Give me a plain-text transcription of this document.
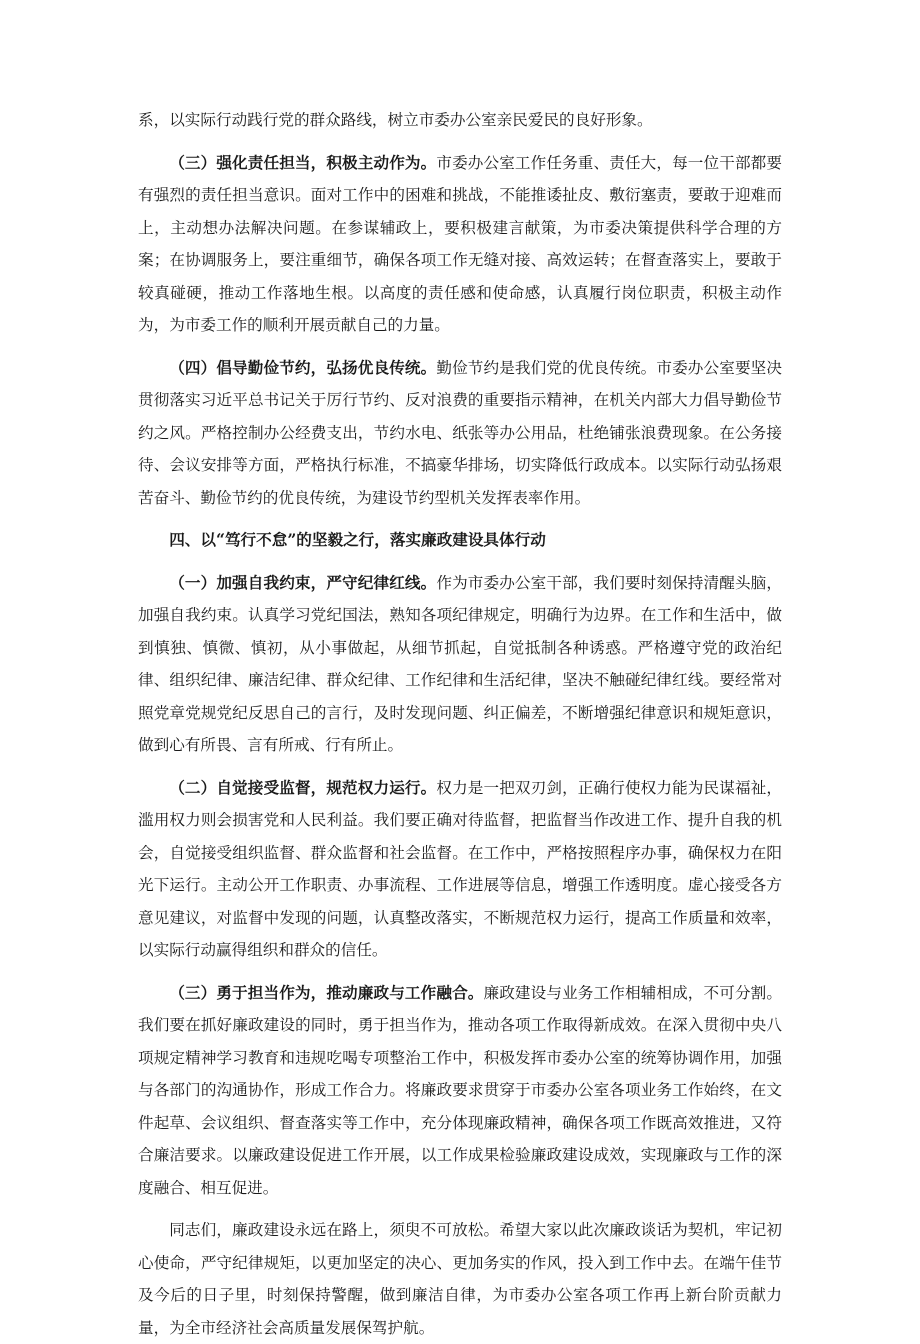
系，以实际行动践行党的群众路线，树立市委办公室亲民爱民的良好形象。

（三）强化责任担当，积极主动作为。市委办公室工作任务重、责任大，每一位干部都要有强烈的责任担当意识。面对工作中的困难和挑战，不能推诿扯皮、敷衍塞责，要敢于迎难而上，主动想办法解决问题。在参谋辅政上，要积极建言献策，为市委决策提供科学合理的方案；在协调服务上，要注重细节，确保各项工作无缝对接、高效运转；在督查落实上，要敢于较真碰硬，推动工作落地生根。以高度的责任感和使命感，认真履行岗位职责，积极主动作为，为市委工作的顺利开展贡献自己的力量。

（四）倡导勤俭节约，弘扬优良传统。勤俭节约是我们党的优良传统。市委办公室要坚决贯彻落实习近平总书记关于厉行节约、反对浪费的重要指示精神，在机关内部大力倡导勤俭节约之风。严格控制办公经费支出，节约水电、纸张等办公用品，杜绝铺张浪费现象。在公务接待、会议安排等方面，严格执行标准，不搞豪华排场，切实降低行政成本。以实际行动弘扬艰苦奋斗、勤俭节约的优良传统，为建设节约型机关发挥表率作用。

四、以“笃行不怠”的坚毅之行，落实廉政建设具体行动

（一）加强自我约束，严守纪律红线。作为市委办公室干部，我们要时刻保持清醒头脑，加强自我约束。认真学习党纪国法，熟知各项纪律规定，明确行为边界。在工作和生活中，做到慎独、慎微、慎初，从小事做起，从细节抓起，自觉抵制各种诱惑。严格遵守党的政治纪律、组织纪律、廉洁纪律、群众纪律、工作纪律和生活纪律，坚决不触碰纪律红线。要经常对照党章党规党纪反思自己的言行，及时发现问题、纠正偏差，不断增强纪律意识和规矩意识，做到心有所畏、言有所戒、行有所止。

（二）自觉接受监督，规范权力运行。权力是一把双刃剑，正确行使权力能为民谋福祉，滥用权力则会损害党和人民利益。我们要正确对待监督，把监督当作改进工作、提升自我的机会，自觉接受组织监督、群众监督和社会监督。在工作中，严格按照程序办事，确保权力在阳光下运行。主动公开工作职责、办事流程、工作进展等信息，增强工作透明度。虚心接受各方意见建议，对监督中发现的问题，认真整改落实，不断规范权力运行，提高工作质量和效率，以实际行动赢得组织和群众的信任。

（三）勇于担当作为，推动廉政与工作融合。廉政建设与业务工作相辅相成，不可分割。我们要在抓好廉政建设的同时，勇于担当作为，推动各项工作取得新成效。在深入贯彻中央八项规定精神学习教育和违规吃喝专项整治工作中，积极发挥市委办公室的统筹协调作用，加强与各部门的沟通协作，形成工作合力。将廉政要求贯穿于市委办公室各项业务工作始终，在文件起草、会议组织、督查落实等工作中，充分体现廉政精神，确保各项工作既高效推进，又符合廉洁要求。以廉政建设促进工作开展，以工作成果检验廉政建设成效，实现廉政与工作的深度融合、相互促进。

同志们，廉政建设永远在路上，须臾不可放松。希望大家以此次廉政谈话为契机，牢记初心使命，严守纪律规矩，以更加坚定的决心、更加务实的作风，投入到工作中去。在端午佳节及今后的日子里，时刻保持警醒，做到廉洁自律，为市委办公室各项工作再上新台阶贡献力量，为全市经济社会高质量发展保驾护航。
